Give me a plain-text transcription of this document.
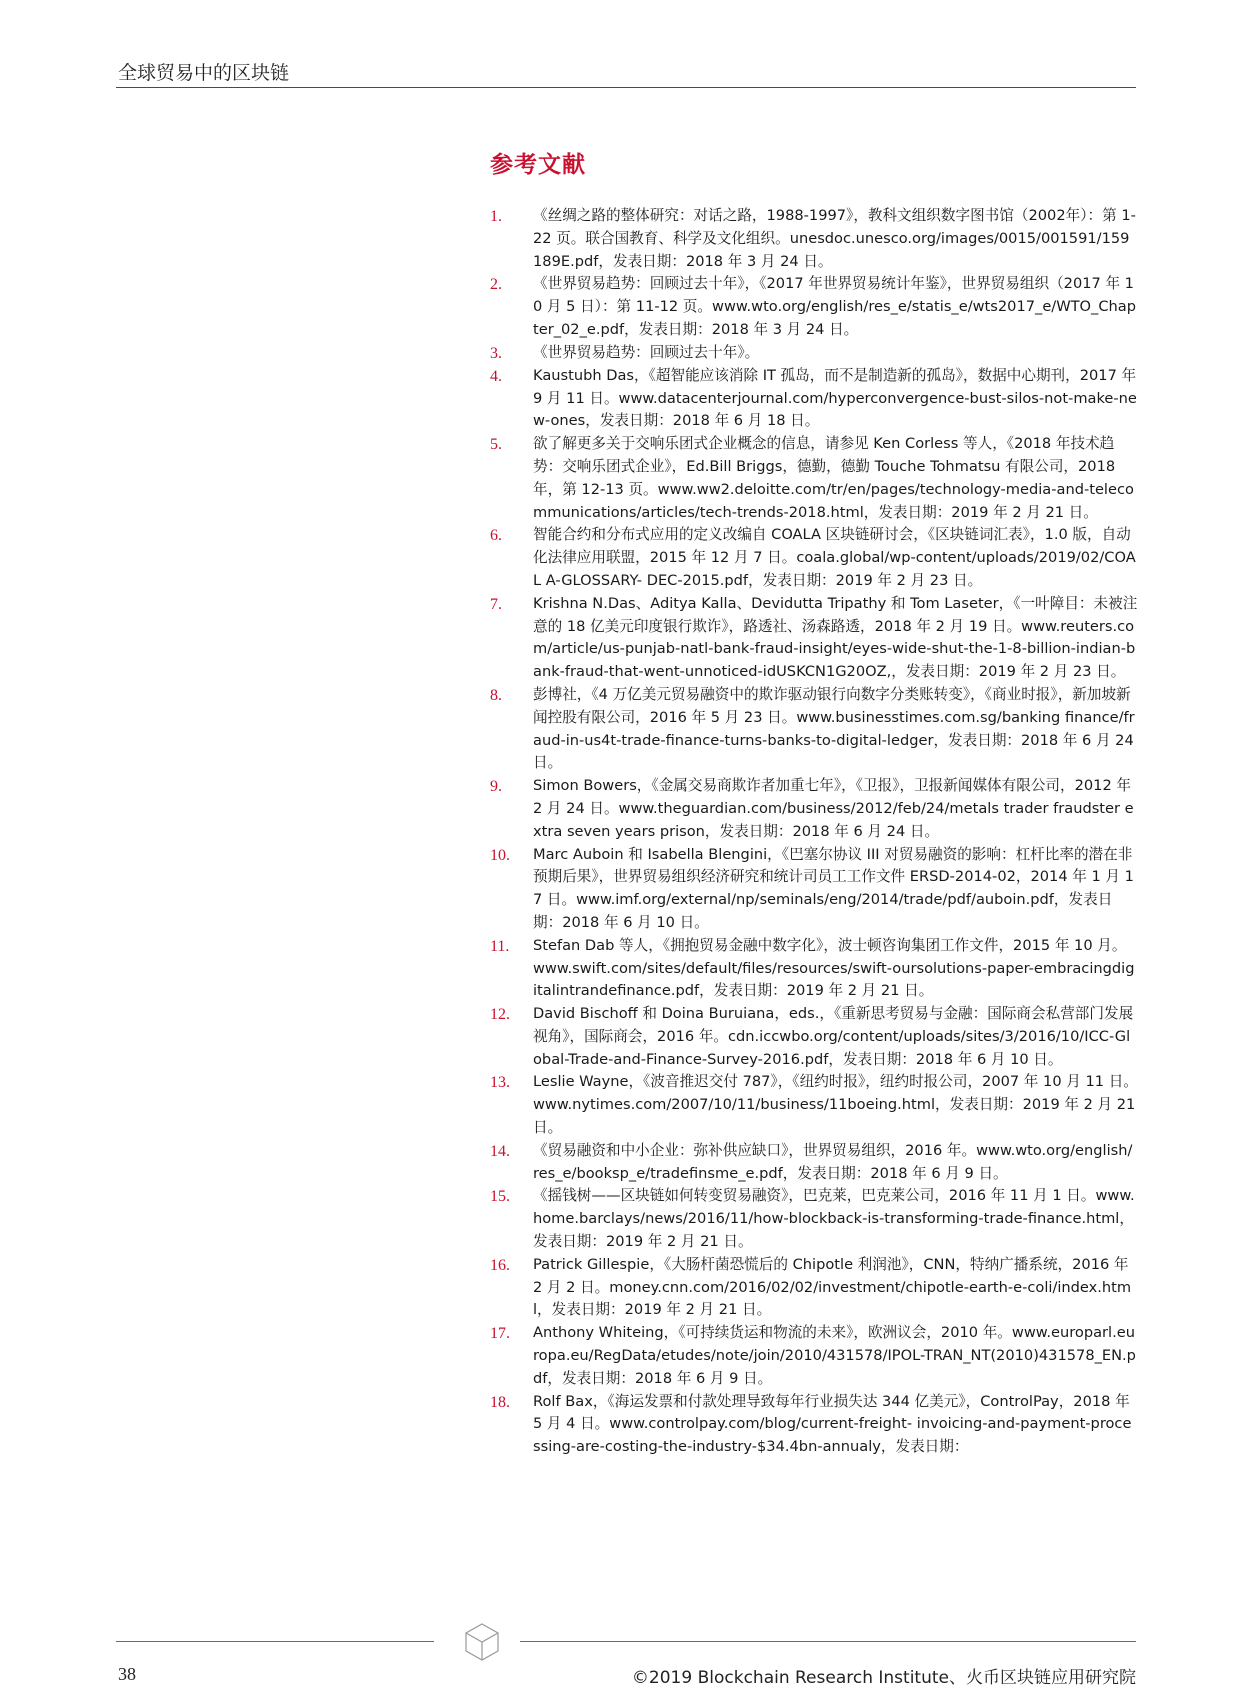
全球贸易中的区块链
参考文献
1.	《丝绸之路的整体研究：对话之路，1988-1997》，教科文组织数字图书馆（2002年）：第 1-22 页。联合国教育、科学及文化组织。unesdoc.unesco.org/images/0015/001591/159189E.pdf，发表日期：2018 年 3 月 24 日。
2.	《世界贸易趋势：回顾过去十年》，《2017 年世界贸易统计年鉴》，世界贸易组织（2017 年 10 月 5 日）：第 11-12 页。www.wto.org/english/res_e/statis_e/wts2017_e/WTO_Chapter_02_e.pdf，发表日期：2018 年 3 月 24 日。
3.	《世界贸易趋势：回顾过去十年》。
4.	Kaustubh Das，《超智能应该消除 IT 孤岛，而不是制造新的孤岛》，数据中心期刊，2017 年 9 月 11 日。www.datacenterjournal.com/hyperconvergence-bust-silos-not-make-new-ones，发表日期：2018 年 6 月 18 日。
5.	欲了解更多关于交响乐团式企业概念的信息，请参见 Ken Corless 等人，《2018 年技术趋势：交响乐团式企业》，Ed.Bill Briggs，德勤，德勤 Touche Tohmatsu 有限公司，2018 年，第 12-13 页。www.ww2.deloitte.com/tr/en/pages/technology-media-and-telecommunications/articles/tech-trends-2018.html，发表日期：2019 年 2 月 21 日。
6.	智能合约和分布式应用的定义改编自 COALA 区块链研讨会，《区块链词汇表》，1.0 版，自动化法律应用联盟，2015 年 12 月 7 日。coala.global/wp-content/uploads/2019/02/COAL A-GLOSSARY- DEC-2015.pdf，发表日期：2019 年 2 月 23 日。
7.	Krishna N.Das、Aditya Kalla、Devidutta Tripathy 和 Tom Laseter，《一叶障目：未被注意的 18 亿美元印度银行欺诈》，路透社、汤森路透，2018 年 2 月 19 日。www.reuters.com/article/us-punjab-natl-bank-fraud-insight/eyes-wide-shut-the-1-8-billion-indian-bank-fraud-that-went-unnoticed-idUSKCN1G20OZ,，发表日期：2019 年 2 月 23 日。
8.	彭博社，《4 万亿美元贸易融资中的欺诈驱动银行向数字分类账转变》，《商业时报》，新加坡新闻控股有限公司，2016 年 5 月 23 日。www.businesstimes.com.sg/banking finance/fraud-in-us4t-trade-finance-turns-banks-to-digital-ledger，发表日期：2018 年 6 月 24 日。
9.	Simon Bowers，《金属交易商欺诈者加重七年》，《卫报》，卫报新闻媒体有限公司，2012 年 2 月 24 日。www.theguardian.com/business/2012/feb/24/metals trader fraudster extra seven years prison，发表日期：2018 年 6 月 24 日。
10.	Marc Auboin 和 Isabella Blengini，《巴塞尔协议 III 对贸易融资的影响：杠杆比率的潜在非预期后果》，世界贸易组织经济研究和统计司员工工作文件 ERSD-2014-02，2014 年 1 月 17 日。www.imf.org/external/np/seminals/eng/2014/trade/pdf/auboin.pdf，发表日期：2018 年 6 月 10 日。
11.	Stefan Dab 等人，《拥抱贸易金融中数字化》，波士顿咨询集团工作文件，2015 年 10 月。www.swift.com/sites/default/files/resources/swift-oursolutions-paper-embracingdigitalintrandefinance.pdf，发表日期：2019 年 2 月 21 日。
12.	David Bischoff 和 Doina Buruiana，eds.，《重新思考贸易与金融：国际商会私营部门发展视角》，国际商会，2016 年。cdn.iccwbo.org/content/uploads/sites/3/2016/10/ICC-Global-Trade-and-Finance-Survey-2016.pdf，发表日期：2018 年 6 月 10 日。
13.	Leslie Wayne，《波音推迟交付 787》，《纽约时报》，纽约时报公司，2007 年 10 月 11 日。www.nytimes.com/2007/10/11/business/11boeing.html，发表日期：2019 年 2 月 21 日。
14.	《贸易融资和中小企业：弥补供应缺口》，世界贸易组织，2016 年。www.wto.org/english/res_e/booksp_e/tradefinsme_e.pdf，发表日期：2018 年 6 月 9 日。
15.	《摇钱树——区块链如何转变贸易融资》，巴克莱，巴克莱公司，2016 年 11 月 1 日。www.home.barclays/news/2016/11/how-blockback-is-transforming-trade-finance.html，发表日期：2019 年 2 月 21 日。
16.	Patrick Gillespie，《大肠杆菌恐慌后的 Chipotle 利润池》，CNN，特纳广播系统，2016 年 2 月 2 日。money.cnn.com/2016/02/02/investment/chipotle-earth-e-coli/index.html，发表日期：2019 年 2 月 21 日。
17.	Anthony Whiteing，《可持续货运和物流的未来》，欧洲议会，2010 年。www.europarl.europa.eu/RegData/etudes/note/join/2010/431578/IPOL-TRAN_NT(2010)431578_EN.pdf，发表日期：2018 年 6 月 9 日。
18.	Rolf Bax，《海运发票和付款处理导致每年行业损失达 344 亿美元》，ControlPay，2018 年 5 月 4 日。www.controlpay.com/blog/current-freight- invoicing-and-payment-processing-are-costing-the-industry-$34.4bn-annualy，发表日期：
38	©2019 Blockchain Research Institute、火币区块链应用研究院
